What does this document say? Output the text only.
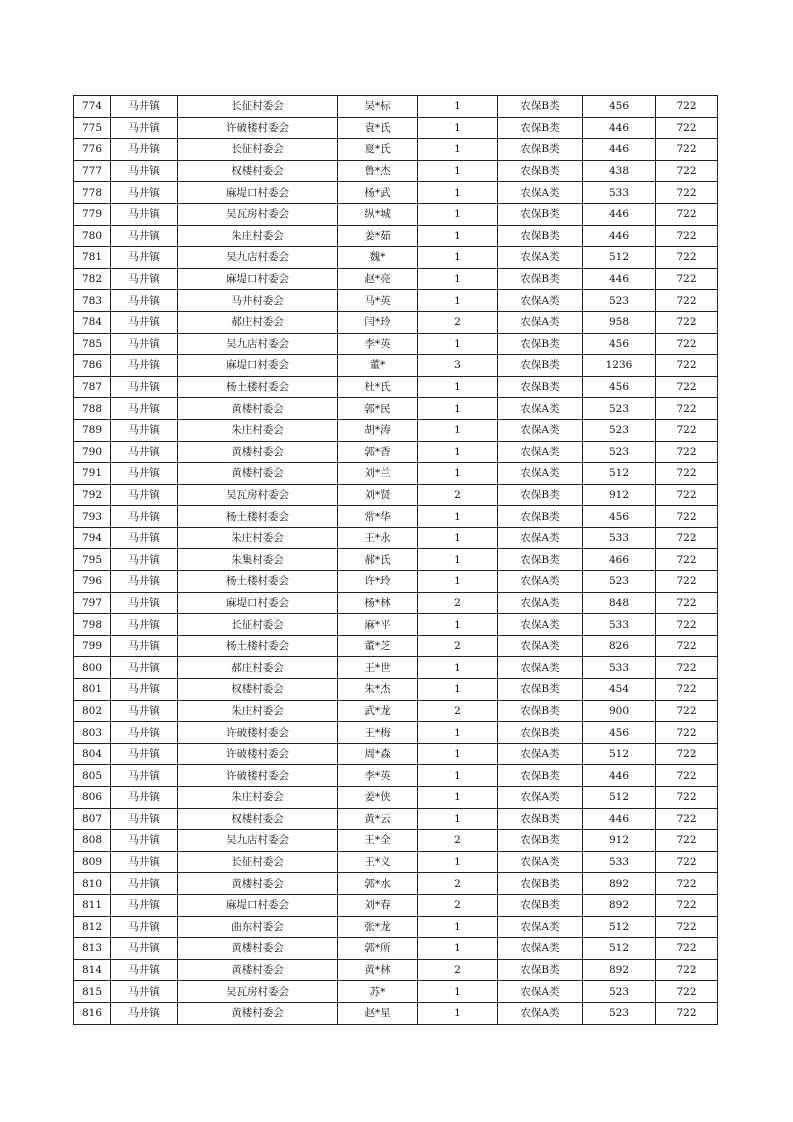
774	马井镇	长征村委会	吴*标	1	农保B类	456	722
775	马井镇	许破楼村委会	袁*氏	1	农保B类	446	722
776	马井镇	长征村委会	夏*氏	1	农保B类	446	722
777	马井镇	权楼村委会	鲁*杰	1	农保B类	438	722
778	马井镇	麻堤口村委会	杨*武	1	农保A类	533	722
779	马井镇	吴瓦房村委会	纵*城	1	农保B类	446	722
780	马井镇	朱庄村委会	姜*茹	1	农保B类	446	722
781	马井镇	吴九店村委会	魏*	1	农保A类	512	722
782	马井镇	麻堤口村委会	赵*亮	1	农保B类	446	722
783	马井镇	马井村委会	马*英	1	农保A类	523	722
784	马井镇	郝庄村委会	闫*玲	2	农保A类	958	722
785	马井镇	吴九店村委会	李*英	1	农保B类	456	722
786	马井镇	麻堤口村委会	董*	3	农保B类	1236	722
787	马井镇	杨土楼村委会	杜*氏	1	农保B类	456	722
788	马井镇	黄楼村委会	郭*民	1	农保A类	523	722
789	马井镇	朱庄村委会	胡*涛	1	农保A类	523	722
790	马井镇	黄楼村委会	郭*香	1	农保A类	523	722
791	马井镇	黄楼村委会	刘*兰	1	农保A类	512	722
792	马井镇	吴瓦房村委会	刘*贤	2	农保B类	912	722
793	马井镇	杨土楼村委会	常*华	1	农保B类	456	722
794	马井镇	朱庄村委会	王*永	1	农保A类	533	722
795	马井镇	朱集村委会	郝*氏	1	农保B类	466	722
796	马井镇	杨土楼村委会	许*玲	1	农保A类	523	722
797	马井镇	麻堤口村委会	杨*林	2	农保A类	848	722
798	马井镇	长征村委会	麻*平	1	农保A类	533	722
799	马井镇	杨土楼村委会	董*芝	2	农保A类	826	722
800	马井镇	郝庄村委会	王*世	1	农保A类	533	722
801	马井镇	权楼村委会	朱*杰	1	农保B类	454	722
802	马井镇	朱庄村委会	武*龙	2	农保B类	900	722
803	马井镇	许破楼村委会	王*梅	1	农保B类	456	722
804	马井镇	许破楼村委会	周*森	1	农保A类	512	722
805	马井镇	许破楼村委会	李*英	1	农保B类	446	722
806	马井镇	朱庄村委会	姜*侠	1	农保A类	512	722
807	马井镇	权楼村委会	黄*云	1	农保B类	446	722
808	马井镇	吴九店村委会	王*全	2	农保B类	912	722
809	马井镇	长征村委会	王*义	1	农保A类	533	722
810	马井镇	黄楼村委会	郭*水	2	农保B类	892	722
811	马井镇	麻堤口村委会	刘*春	2	农保B类	892	722
812	马井镇	曲东村委会	张*龙	1	农保A类	512	722
813	马井镇	黄楼村委会	郭*所	1	农保A类	512	722
814	马井镇	黄楼村委会	黄*林	2	农保B类	892	722
815	马井镇	吴瓦房村委会	苏*	1	农保A类	523	722
816	马井镇	黄楼村委会	赵*星	1	农保A类	523	722
